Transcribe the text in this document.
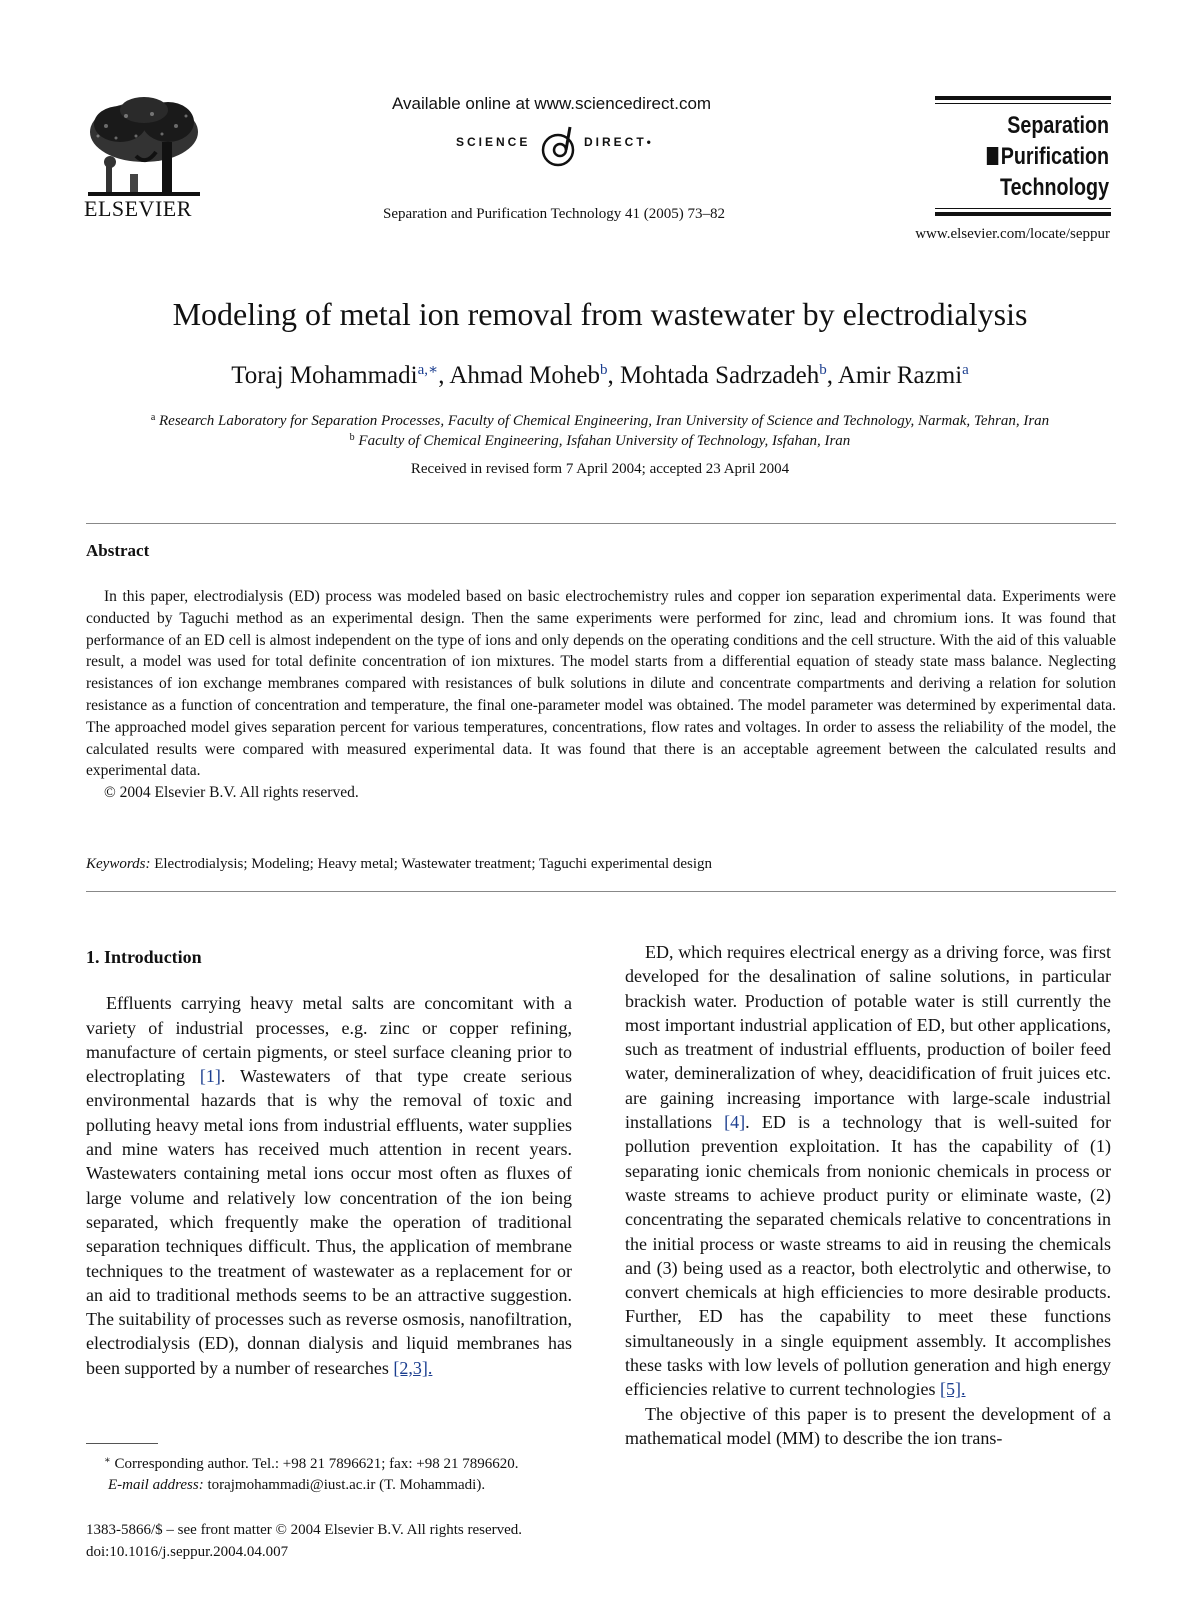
ELSEVIER
Available online at www.sciencedirect.com
SCIENCE	DIRECT•
Separation and Purification Technology 41 (2005) 73–82
Separation
Purification
Technology
www.elsevier.com/locate/seppur
Modeling of metal ion removal from wastewater by electrodialysis
Toraj Mohammadi$^{a,∗}$, Ahmad Moheb$^b$, Mohtada Sadrzadeh$^b$, Amir Razmi$^a$
$^a$ Research Laboratory for Separation Processes, Faculty of Chemical Engineering, Iran University of Science and Technology, Narmak, Tehran, Iran
$^b$ Faculty of Chemical Engineering, Isfahan University of Technology, Isfahan, Iran
Received in revised form 7 April 2004; accepted 23 April 2004
Abstract

In this paper, electrodialysis (ED) process was modeled based on basic electrochemistry rules and copper ion separation experimental data. Experiments were conducted by Taguchi method as an experimental design. Then the same experiments were performed for zinc, lead and chromium ions. It was found that performance of an ED cell is almost independent on the type of ions and only depends on the operating conditions and the cell structure. With the aid of this valuable result, a model was used for total definite concentration of ion mixtures. The model starts from a differential equation of steady state mass balance. Neglecting resistances of ion exchange membranes compared with resistances of bulk solutions in dilute and concentrate compartments and deriving a relation for solution resistance as a function of concentration and temperature, the final one-parameter model was obtained. The model parameter was determined by experimental data. The approached model gives separation percent for various temperatures, concentrations, flow rates and voltages. In order to assess the reliability of the model, the calculated results were compared with measured experimental data. It was found that there is an acceptable agreement between the calculated results and experimental data.

© 2004 Elsevier B.V. All rights reserved.

Keywords: Electrodialysis; Modeling; Heavy metal; Wastewater treatment; Taguchi experimental design

1. Introduction

Effluents carrying heavy metal salts are concomitant with a variety of industrial processes, e.g. zinc or copper refining, manufacture of certain pigments, or steel surface cleaning prior to electroplating [1]. Wastewaters of that type create serious environmental hazards that is why the removal of toxic and polluting heavy metal ions from industrial effluents, water supplies and mine waters has received much attention in recent years. Wastewaters containing metal ions occur most often as fluxes of large volume and relatively low concentration of the ion being separated, which frequently make the operation of traditional separation techniques difficult. Thus, the application of membrane techniques to the treatment of wastewater as a replacement for or an aid to traditional methods seems to be an attractive suggestion. The suitability of processes such as reverse osmosis, nanofiltration, electrodialysis (ED), donnan dialysis and liquid membranes has been supported by a number of researches [2,3].

ED, which requires electrical energy as a driving force, was first developed for the desalination of saline solutions, in particular brackish water. Production of potable water is still currently the most important industrial application of ED, but other applications, such as treatment of industrial effluents, production of boiler feed water, demineralization of whey, deacidification of fruit juices etc. are gaining increasing importance with large-scale industrial installations [4]. ED is a technology that is well-suited for pollution prevention exploitation. It has the capability of (1) separating ionic chemicals from nonionic chemicals in process or waste streams to achieve product purity or eliminate waste, (2) concentrating the separated chemicals relative to concentrations in the initial process or waste streams to aid in reusing the chemicals and (3) being used as a reactor, both electrolytic and otherwise, to convert chemicals at high efficiencies to more desirable products. Further, ED has the capability to meet these functions simultaneously in a single equipment assembly. It accomplishes these tasks with low levels of pollution generation and high energy efficiencies relative to current technologies [5].

The objective of this paper is to present the development of a mathematical model (MM) to describe the ion trans-

∗ Corresponding author. Tel.: +98 21 7896621; fax: +98 21 7896620.
E-mail address: torajmohammadi@iust.ac.ir (T. Mohammadi).
1383-5866/$ – see front matter © 2004 Elsevier B.V. All rights reserved.
doi:10.1016/j.seppur.2004.04.007
